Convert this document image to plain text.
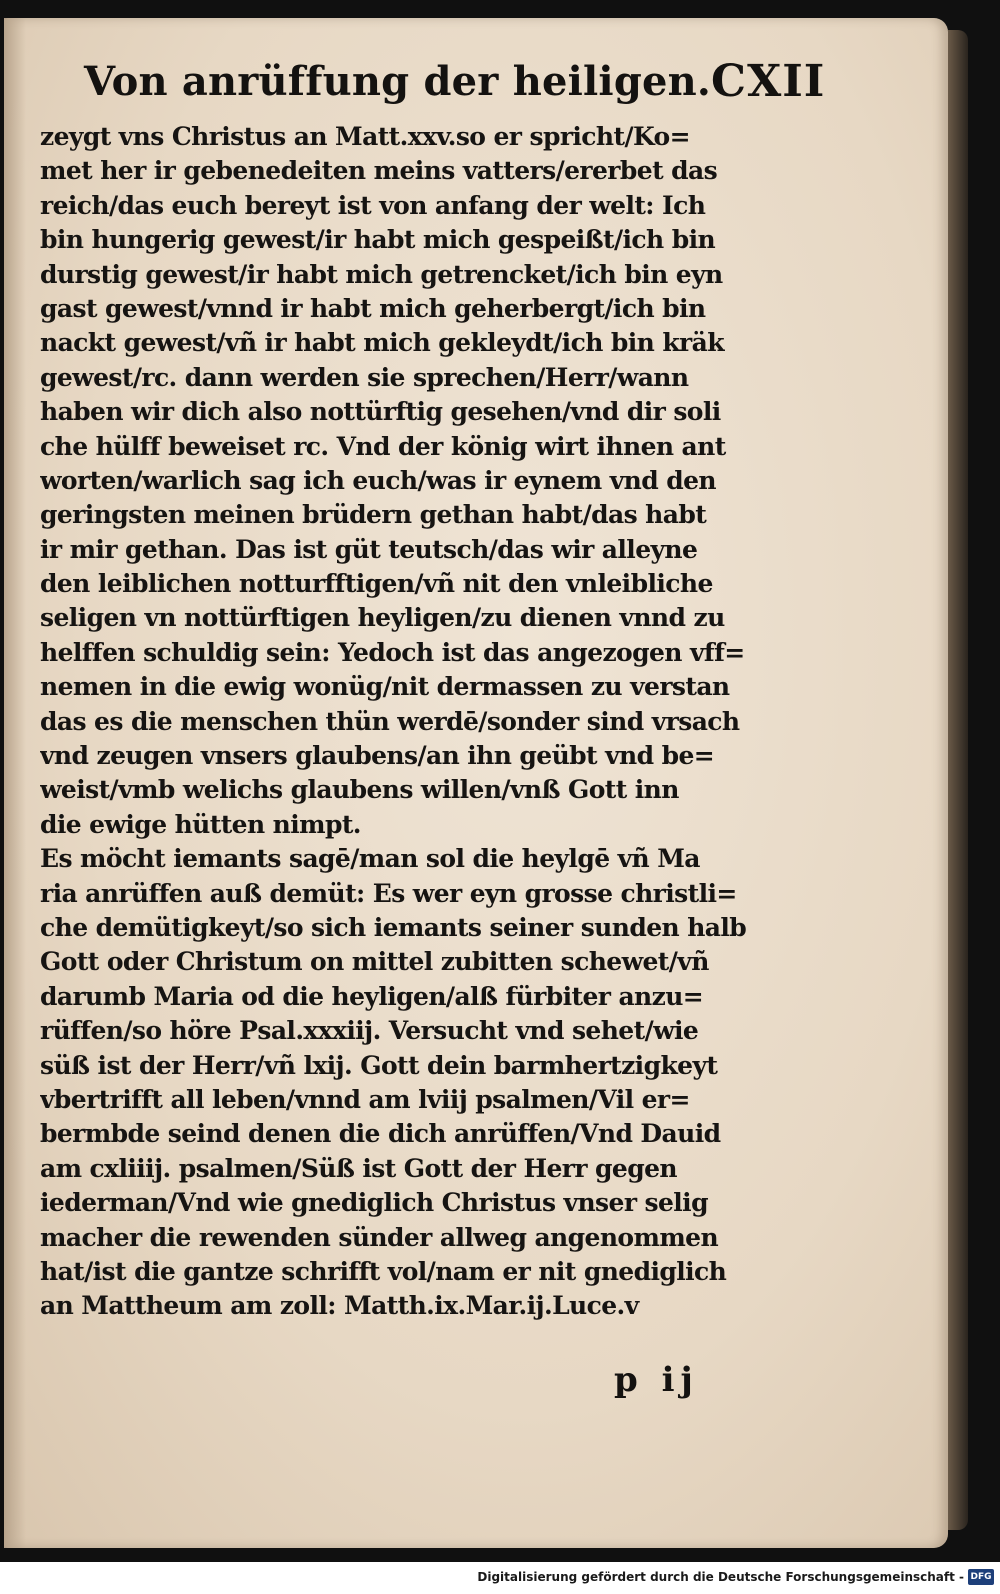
Von anrüffung der heiligen. CXII
zeygt vns Christus an Matt.xxv.so er spricht/Ko=
met her ir gebenedeiten meins vatters/ererbet das
reich/das euch bereyt ist von anfang der welt: Ich
bin hungerig gewest/ir habt mich gespeißt/ich bin
durstig gewest/ir habt mich getrencket/ich bin eyn
gast gewest/vnnd ir habt mich geherbergt/ich bin
nackt gewest/vñ ir habt mich gekleydt/ich bin kräk
gewest/rc. dann werden sie sprechen/Herr/wann
haben wir dich also nottürftig gesehen/vnd dir soli
che hülff beweiset rc. Vnd der könig wirt ihnen ant
worten/warlich sag ich euch/was ir eynem vnd den
geringsten meinen brüdern gethan habt/das habt
ir mir gethan. Das ist güt teutsch/das wir alleyne
den leiblichen notturfftigen/vñ nit den vnleibliche
seligen vn nottürftigen heyligen/zu dienen vnnd zu
helffen schuldig sein: Yedoch ist das angezogen vff=
nemen in die ewig wonüg/nit dermassen zu verstan
das es die menschen thün werdē/sonder sind vrsach
vnd zeugen vnsers glaubens/an ihn geübt vnd be=
weist/vmb welichs glaubens willen/vnß Gott inn
die ewige hütten nimpt.
Es möcht iemants sagē/man sol die heylgē vñ Ma
ria anrüffen auß demüt: Es wer eyn grosse christli=
che demütigkeyt/so sich iemants seiner sunden halb
Gott oder Christum on mittel zubitten schewet/vñ
darumb Maria od die heyligen/alß fürbiter anzu=
rüffen/so höre Psal.xxxiij. Versucht vnd sehet/wie
süß ist der Herr/vñ lxij. Gott dein barmhertzigkeyt
vbertrifft all leben/vnnd am lviij psalmen/Vil er=
bermbde seind denen die dich anrüffen/Vnd Dauid
am cxliiij. psalmen/Süß ist Gott der Herr gegen
iederman/Vnd wie gnediglich Christus vnser selig
macher die rewenden sünder allweg angenommen
hat/ist die gantze schrifft vol/nam er nit gnediglich
an Mattheum am zoll: Matth.ix.Mar.ij.Luce.v
p ij
Digitalisierung gefördert durch die Deutsche Forschungsgemeinschaft - DFG
